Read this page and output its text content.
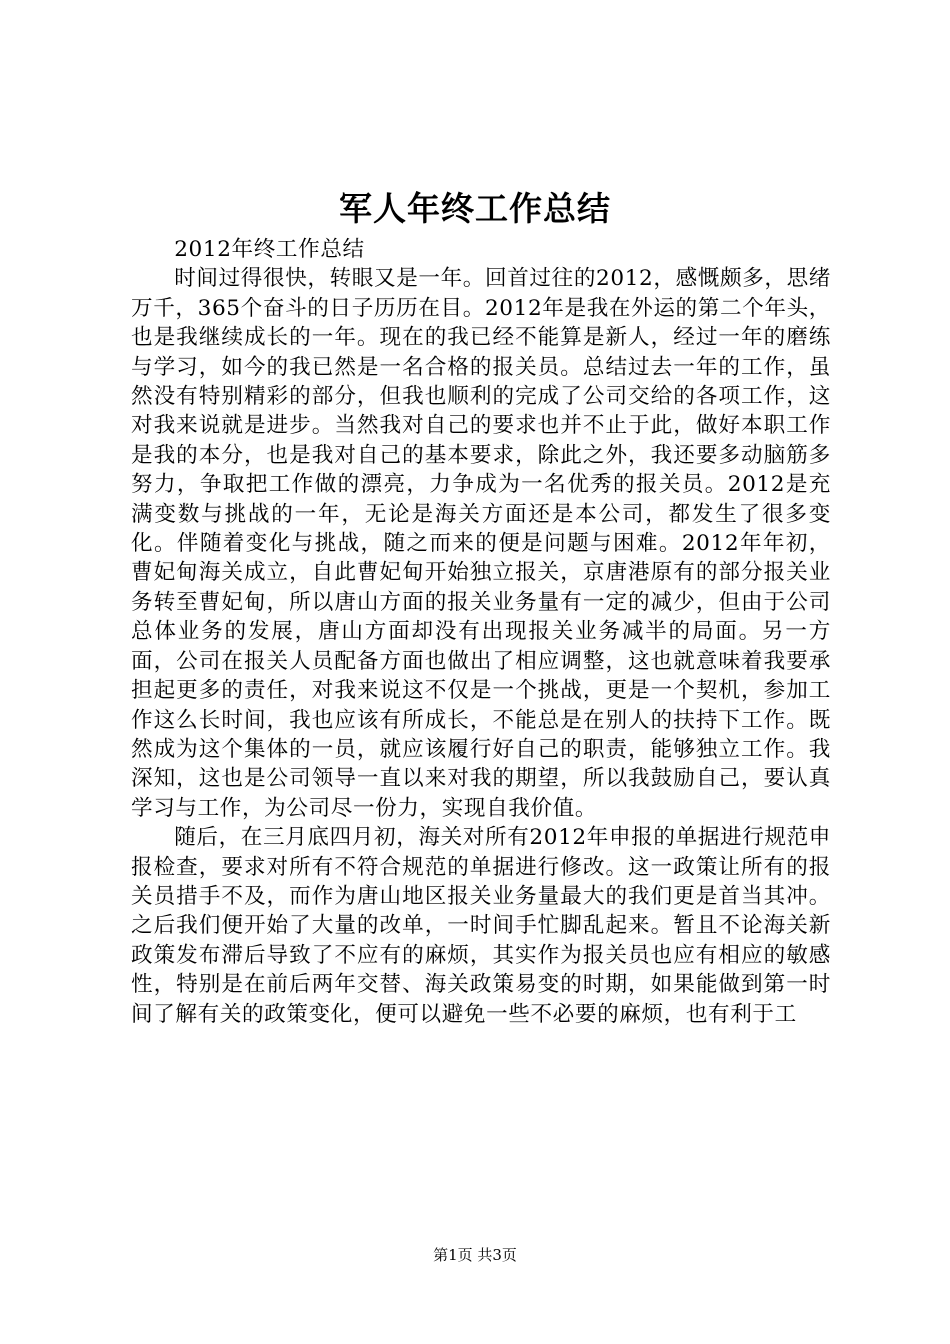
军人年终工作总结

2012年终工作总结

时间过得很快，转眼又是一年。回首过往的2012，感慨颇多，思绪万千，365个奋斗的日子历历在目。2012年是我在外运的第二个年头，也是我继续成长的一年。现在的我已经不能算是新人，经过一年的磨练与学习，如今的我已然是一名合格的报关员。总结过去一年的工作，虽然没有特别精彩的部分，但我也顺利的完成了公司交给的各项工作，这对我来说就是进步。当然我对自己的要求也并不止于此，做好本职工作是我的本分，也是我对自己的基本要求，除此之外，我还要多动脑筋多努力，争取把工作做的漂亮，力争成为一名优秀的报关员。2012是充满变数与挑战的一年，无论是海关方面还是本公司，都发生了很多变化。伴随着变化与挑战，随之而来的便是问题与困难。2012年年初，曹妃甸海关成立，自此曹妃甸开始独立报关，京唐港原有的部分报关业务转至曹妃甸，所以唐山方面的报关业务量有一定的减少，但由于公司总体业务的发展，唐山方面却没有出现报关业务减半的局面。另一方面，公司在报关人员配备方面也做出了相应调整，这也就意味着我要承担起更多的责任，对我来说这不仅是一个挑战，更是一个契机，参加工作这么长时间，我也应该有所成长，不能总是在别人的扶持下工作。既然成为这个集体的一员，就应该履行好自己的职责，能够独立工作。我深知，这也是公司领导一直以来对我的期望，所以我鼓励自己，要认真学习与工作，为公司尽一份力，实现自我价值。

随后，在三月底四月初，海关对所有2012年申报的单据进行规范申报检查，要求对所有不符合规范的单据进行修改。这一政策让所有的报关员措手不及，而作为唐山地区报关业务量最大的我们更是首当其冲。之后我们便开始了大量的改单，一时间手忙脚乱起来。暂且不论海关新政策发布滞后导致了不应有的麻烦，其实作为报关员也应有相应的敏感性，特别是在前后两年交替、海关政策易变的时期，如果能做到第一时间了解有关的政策变化，便可以避免一些不必要的麻烦，也有利于工

第1页 共3页
